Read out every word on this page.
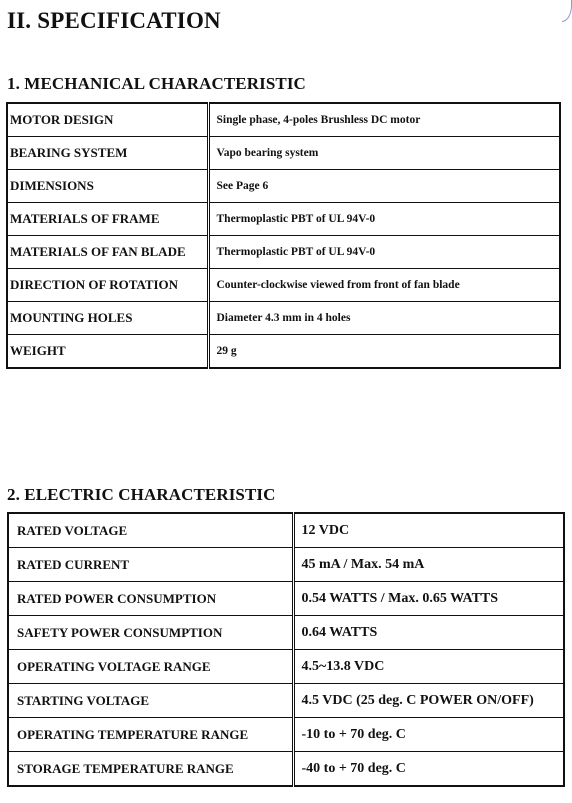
II. SPECIFICATION
1. MECHANICAL CHARACTERISTIC
MOTOR DESIGN	Single phase, 4-poles Brushless DC motor
BEARING SYSTEM	Vapo bearing system
DIMENSIONS	See Page 6
MATERIALS OF FRAME	Thermoplastic PBT of UL 94V-0
MATERIALS OF FAN BLADE	Thermoplastic PBT of UL 94V-0
DIRECTION OF ROTATION	Counter-clockwise viewed from front of fan blade
MOUNTING HOLES	Diameter 4.3 mm in 4 holes
WEIGHT	29 g
2. ELECTRIC CHARACTERISTIC
RATED VOLTAGE	12 VDC
RATED CURRENT	45 mA / Max. 54 mA
RATED POWER CONSUMPTION	0.54 WATTS / Max. 0.65 WATTS
SAFETY POWER CONSUMPTION	0.64 WATTS
OPERATING VOLTAGE RANGE	4.5~13.8 VDC
STARTING VOLTAGE	4.5 VDC (25 deg. C POWER ON/OFF)
OPERATING TEMPERATURE RANGE	-10 to + 70 deg. C
STORAGE TEMPERATURE RANGE	-40 to + 70 deg. C
